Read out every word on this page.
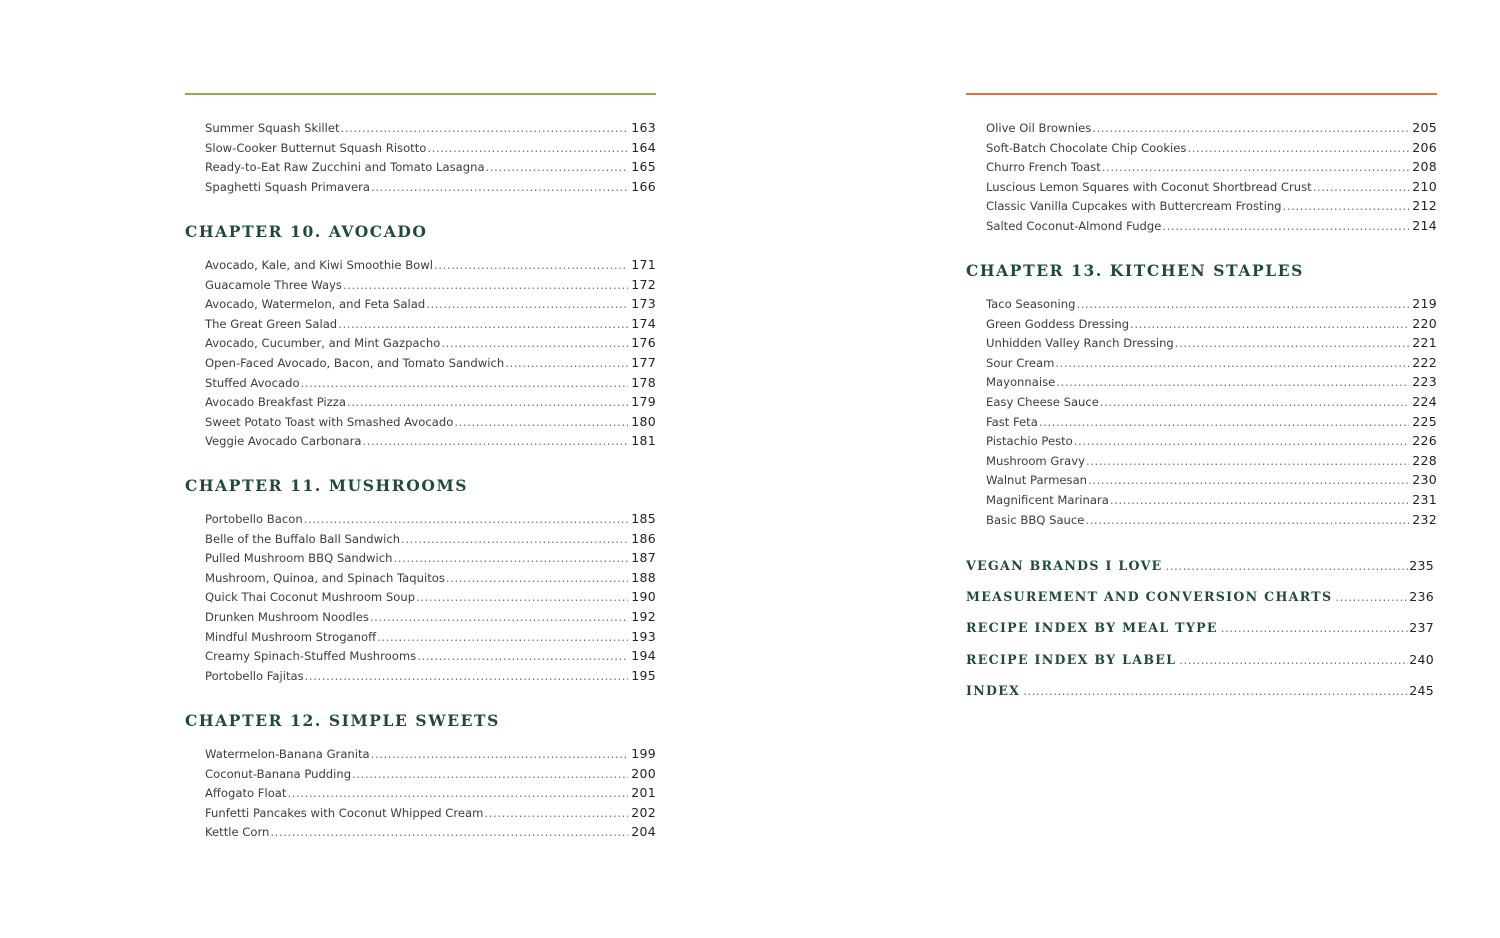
Summer Squash Skillet .....	163
Slow-Cooker Butternut Squash Risotto .....	164
Ready-to-Eat Raw Zucchini and Tomato Lasagna .....	165
Spaghetti Squash Primavera .....	166
CHAPTER 10. AVOCADO
Avocado, Kale, and Kiwi Smoothie Bowl .....	171
Guacamole Three Ways .....	172
Avocado, Watermelon, and Feta Salad .....	173
The Great Green Salad .....	174
Avocado, Cucumber, and Mint Gazpacho .....	176
Open-Faced Avocado, Bacon, and Tomato Sandwich .....	177
Stuffed Avocado .....	178
Avocado Breakfast Pizza .....	179
Sweet Potato Toast with Smashed Avocado .....	180
Veggie Avocado Carbonara .....	181
CHAPTER 11. MUSHROOMS
Portobello Bacon .....	185
Belle of the Buffalo Ball Sandwich .....	186
Pulled Mushroom BBQ Sandwich .....	187
Mushroom, Quinoa, and Spinach Taquitos .....	188
Quick Thai Coconut Mushroom Soup .....	190
Drunken Mushroom Noodles .....	192
Mindful Mushroom Stroganoff .....	193
Creamy Spinach-Stuffed Mushrooms .....	194
Portobello Fajitas .....	195
CHAPTER 12. SIMPLE SWEETS
Watermelon-Banana Granita .....	199
Coconut-Banana Pudding .....	200
Affogato Float .....	201
Funfetti Pancakes with Coconut Whipped Cream .....	202
Kettle Corn .....	204
Olive Oil Brownies .....	205
Soft-Batch Chocolate Chip Cookies .....	206
Churro French Toast .....	208
Luscious Lemon Squares with Coconut Shortbread Crust .....	210
Classic Vanilla Cupcakes with Buttercream Frosting .....	212
Salted Coconut-Almond Fudge .....	214
CHAPTER 13. KITCHEN STAPLES
Taco Seasoning .....	219
Green Goddess Dressing .....	220
Unhidden Valley Ranch Dressing .....	221
Sour Cream .....	222
Mayonnaise .....	223
Easy Cheese Sauce .....	224
Fast Feta .....	225
Pistachio Pesto .....	226
Mushroom Gravy .....	228
Walnut Parmesan .....	230
Magnificent Marinara .....	231
Basic BBQ Sauce .....	232
VEGAN BRANDS I LOVE .....	235
MEASUREMENT AND CONVERSION CHARTS .....	236
RECIPE INDEX BY MEAL TYPE .....	237
RECIPE INDEX BY LABEL .....	240
INDEX .....	245
